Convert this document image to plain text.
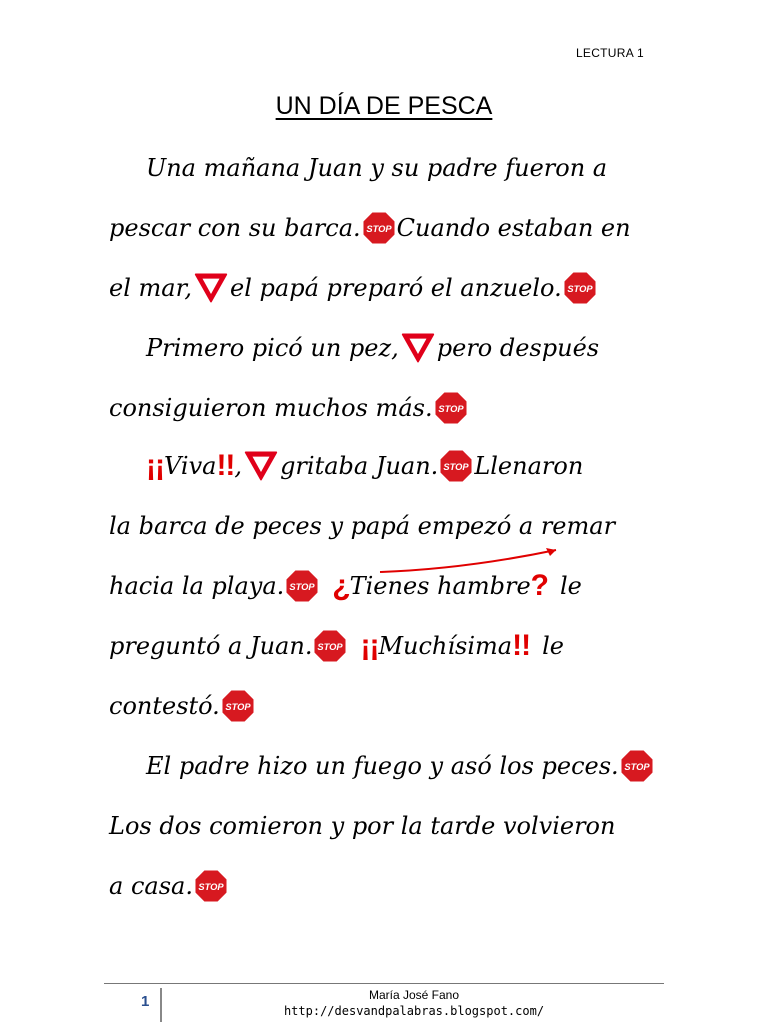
LECTURA 1
UN DÍA DE PESCA
Una mañana Juan y su padre fueron a
pescar con su barca. STOP Cuando estaban en
el mar, el papá preparó el anzuelo. STOP
Primero picó un pez, pero después
consiguieron muchos más. STOP
¡¡ Viva !! , gritaba Juan. STOP Llenaron
la barca de peces y papá empezó a remar
hacia la playa. STOP ¿ Tienes hambre ? le
preguntó a Juan. STOP ¡¡ Muchísima !! le
contestó. STOP
El padre hizo un fuego y asó los peces. STOP
Los dos comieron y por la tarde volvieron
a casa. STOP
1	María José Fano
http://desvandpalabras.blogspot.com/
